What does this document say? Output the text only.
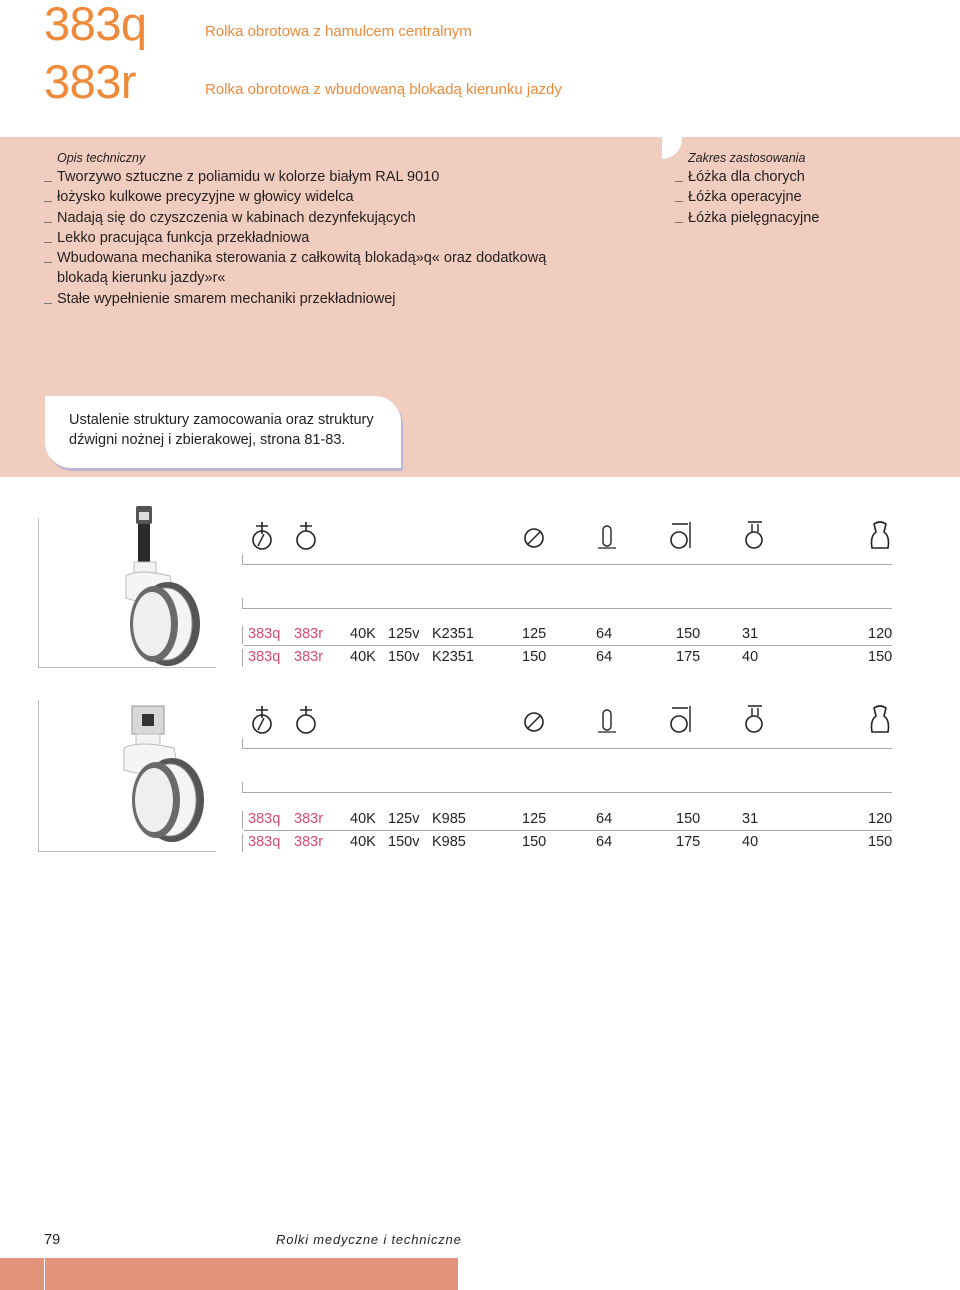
383q	Rolka obrotowa z hamulcem centralnym
383r	Rolka obrotowa z wbudowaną blokadą kierunku jazdy
Opis techniczny
Tworzywo sztuczne z poliamidu w kolorze białym RAL 9010
łożysko kulkowe precyzyjne w głowicy widelca
Nadają się do czyszczenia w kabinach dezynfekujących
Lekko pracująca funkcja przekładniowa
Wbudowana mechanika sterowania z całkowitą blokadą»q« oraz dodatkową
blokadą kierunku jazdy»r«
Stałe wypełnienie smarem mechaniki przekładniowej
Zakres zastosowania
Łóżka dla chorych
Łóżka operacyjne
Łóżka pielęgnacyjne
Ustalenie struktury zamocowania oraz struktury
dźwigni nożnej i zbierakowej, strona 81-83.
383q 383r 40K 125v K2351	125	64	150	31	120
383q 383r 40K 150v K2351	150	64	175	40	150
383q 383r 40K 125v K985	125	64	150	31	120
383q 383r 40K 150v K985	150	64	175	40	150
79	Rolki medyczne i techniczne
